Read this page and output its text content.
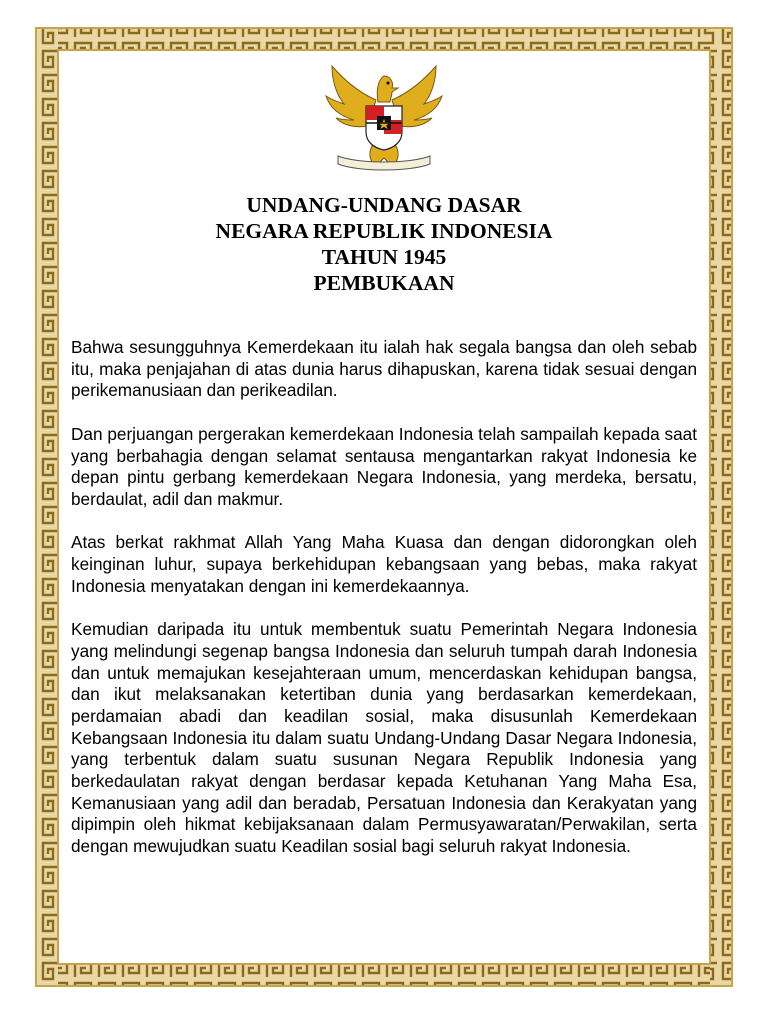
UNDANG-UNDANG DASAR
NEGARA REPUBLIK INDONESIA
TAHUN 1945
PEMBUKAAN

Bahwa sesungguhnya Kemerdekaan itu ialah hak segala bangsa dan oleh sebab itu, maka penjajahan di atas dunia harus dihapuskan, karena tidak sesuai dengan perikemanusiaan dan perikeadilan.

Dan perjuangan pergerakan kemerdekaan Indonesia telah sampailah kepada saat yang berbahagia dengan selamat sentausa mengantarkan rakyat Indonesia ke depan pintu gerbang kemerdekaan Negara Indonesia, yang merdeka, bersatu, berdaulat, adil dan makmur.

Atas berkat rakhmat Allah Yang Maha Kuasa dan dengan didorongkan oleh keinginan luhur, supaya berkehidupan kebangsaan yang bebas, maka rakyat Indonesia menyatakan dengan ini kemerdekaannya.

Kemudian daripada itu untuk membentuk suatu Pemerintah Negara Indonesia yang melindungi segenap bangsa Indonesia dan seluruh tumpah darah Indonesia dan untuk memajukan kesejahteraan umum, mencerdaskan kehidupan bangsa, dan ikut melaksanakan ketertiban dunia yang berdasarkan kemerdekaan, perdamaian abadi dan keadilan sosial, maka disusunlah Kemerdekaan Kebangsaan Indonesia itu dalam suatu Undang-Undang Dasar Negara Indonesia, yang terbentuk dalam suatu susunan Negara Republik Indonesia yang berkedaulatan rakyat dengan berdasar kepada Ketuhanan Yang Maha Esa, Kemanusiaan yang adil dan beradab, Persatuan Indonesia dan Kerakyatan yang dipimpin oleh hikmat kebijaksanaan dalam Permusyawaratan/Perwakilan, serta dengan mewujudkan suatu Keadilan sosial bagi seluruh rakyat Indonesia.
